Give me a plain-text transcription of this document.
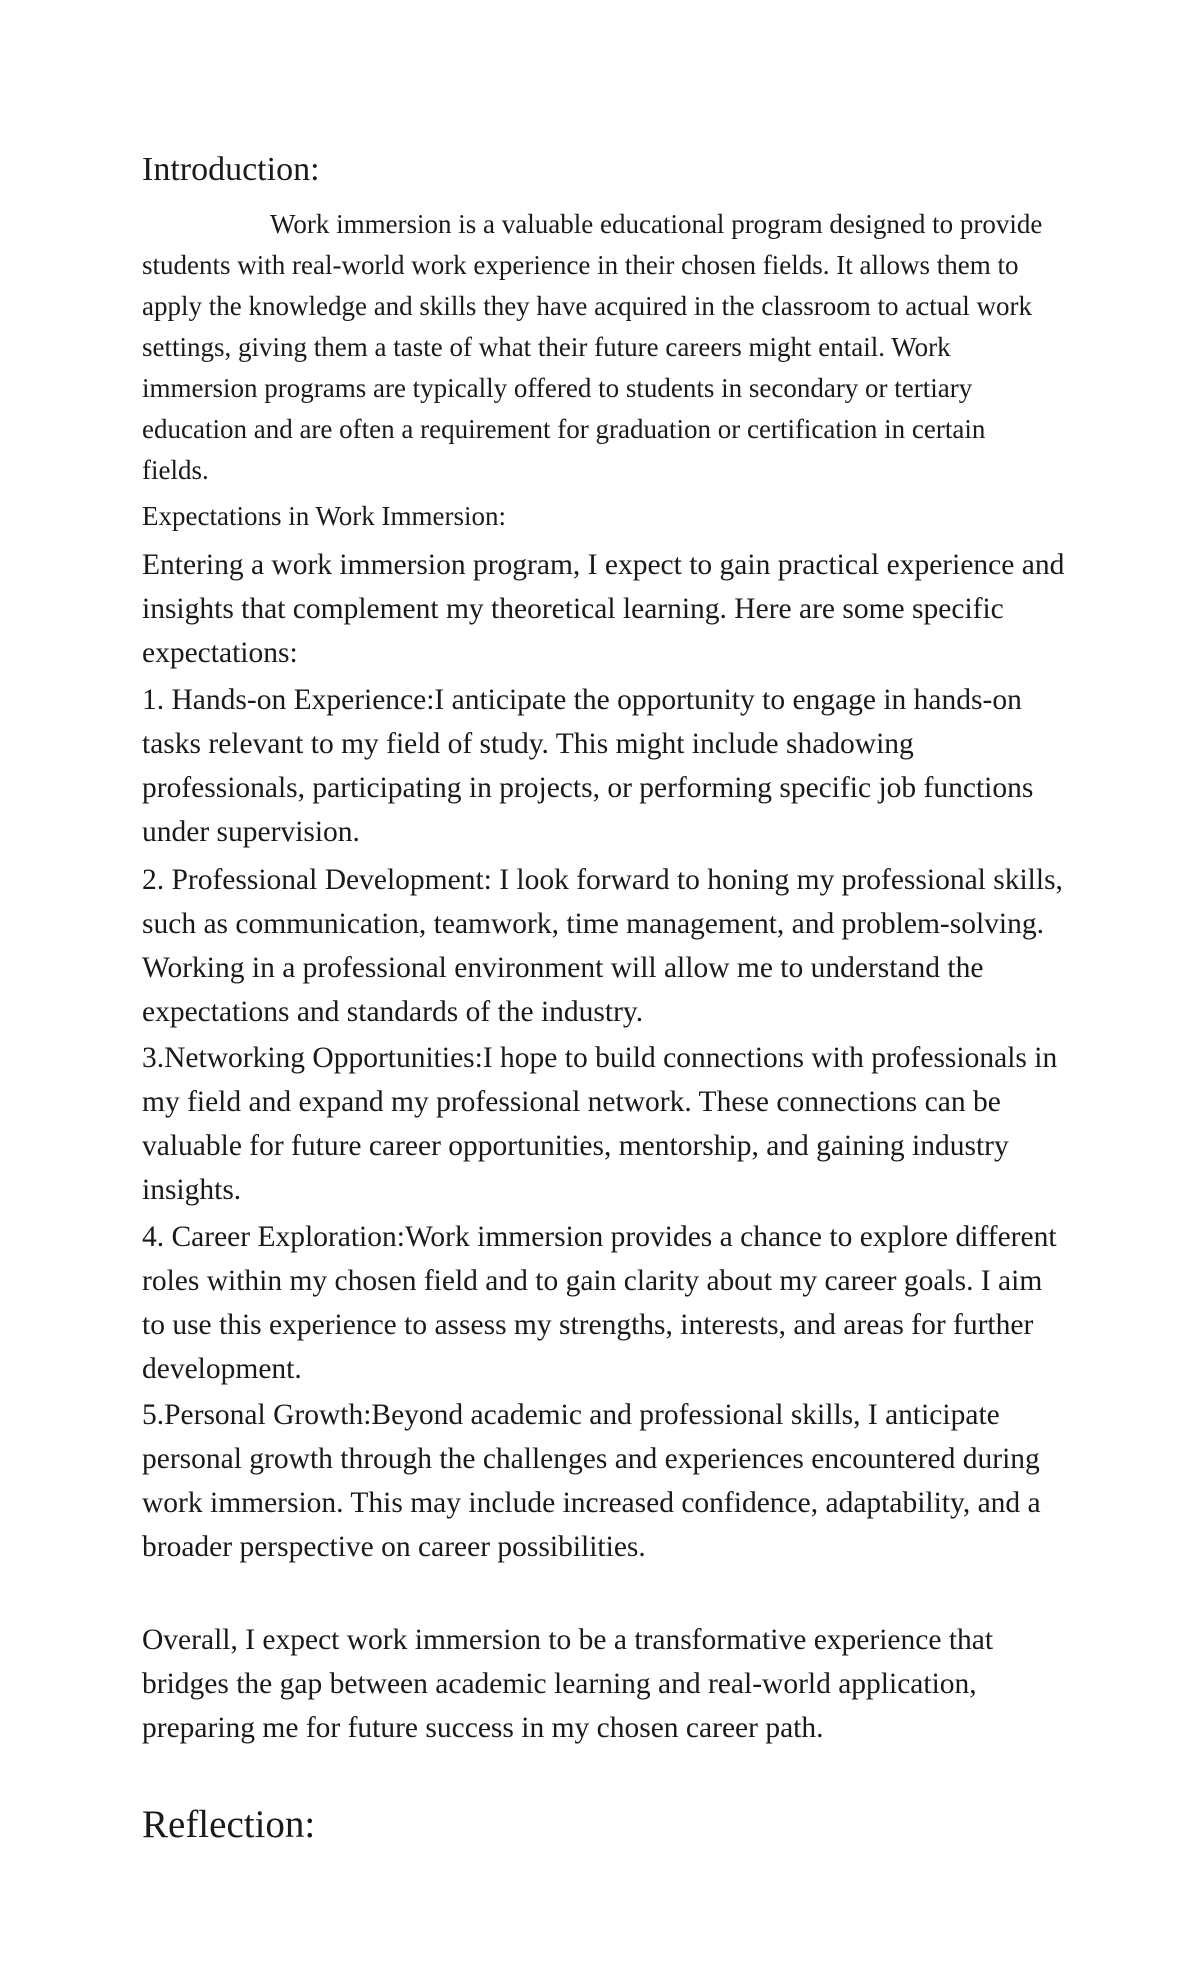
Introduction:

Work immersion is a valuable educational program designed to provide students with real-world work experience in their chosen fields. It allows them to apply the knowledge and skills they have acquired in the classroom to actual work settings, giving them a taste of what their future careers might entail. Work immersion programs are typically offered to students in secondary or tertiary education and are often a requirement for graduation or certification in certain fields.

Expectations in Work Immersion:

Entering a work immersion program, I expect to gain practical experience and insights that complement my theoretical learning. Here are some specific expectations:

1. Hands-on Experience:I anticipate the opportunity to engage in hands-on tasks relevant to my field of study. This might include shadowing professionals, participating in projects, or performing specific job functions under supervision.

2. Professional Development: I look forward to honing my professional skills, such as communication, teamwork, time management, and problem-solving. Working in a professional environment will allow me to understand the expectations and standards of the industry.

3.Networking Opportunities:I hope to build connections with professionals in my field and expand my professional network. These connections can be valuable for future career opportunities, mentorship, and gaining industry insights.

4. Career Exploration:Work immersion provides a chance to explore different roles within my chosen field and to gain clarity about my career goals. I aim to use this experience to assess my strengths, interests, and areas for further development.

5.Personal Growth:Beyond academic and professional skills, I anticipate personal growth through the challenges and experiences encountered during work immersion. This may include increased confidence, adaptability, and a broader perspective on career possibilities.

Overall, I expect work immersion to be a transformative experience that bridges the gap between academic learning and real-world application, preparing me for future success in my chosen career path.

Reflection:
